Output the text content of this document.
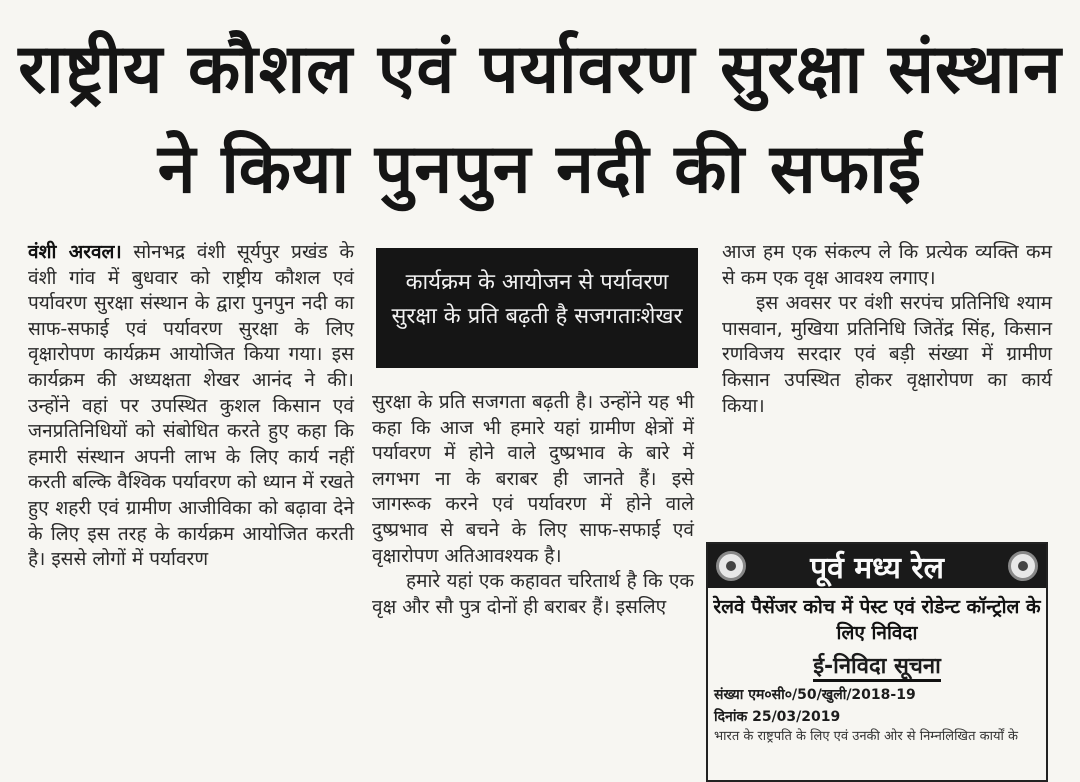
राष्ट्रीय कौशल एवं पर्यावरण सुरक्षा संस्थान
ने किया पुनपुन नदी की सफाई

वंशी अरवल। सोनभद्र वंशी सूर्यपुर प्रखंड के वंशी गांव में बुधवार को राष्ट्रीय कौशल एवं पर्यावरण सुरक्षा संस्थान के द्वारा पुनपुन नदी का साफ-सफाई एवं पर्यावरण सुरक्षा के लिए वृक्षारोपण कार्यक्रम आयोजित किया गया। इस कार्यक्रम की अध्यक्षता शेखर आनंद ने की। उन्होंने वहां पर उपस्थित कुशल किसान एवं जनप्रतिनिधियों को संबोधित करते हुए कहा कि हमारी संस्थान अपनी लाभ के लिए कार्य नहीं करती बल्कि वैश्विक पर्यावरण को ध्यान में रखते हुए शहरी एवं ग्रामीण आजीविका को बढ़ावा देने के लिए इस तरह के कार्यक्रम आयोजित करती है। इससे लोगों में पर्यावरण

कार्यक्रम के आयोजन से पर्यावरण
सुरक्षा के प्रति बढ़ती है सजगताःशेखर

सुरक्षा के प्रति सजगता बढ़ती है। उन्होंने यह भी कहा कि आज भी हमारे यहां ग्रामीण क्षेत्रों में पर्यावरण में होने वाले दुष्प्रभाव के बारे में लगभग ना के बराबर ही जानते हैं। इसे जागरूक करने एवं पर्यावरण में होने वाले दुष्प्रभाव से बचने के लिए साफ-सफाई एवं वृक्षारोपण अतिआवश्यक है।

हमारे यहां एक कहावत चरितार्थ है कि एक वृक्ष और सौ पुत्र दोनों ही बराबर हैं। इसलिए

आज हम एक संकल्प ले कि प्रत्येक व्यक्ति कम से कम एक वृक्ष आवश्य लगाए।

इस अवसर पर वंशी सरपंच प्रतिनिधि श्याम पासवान, मुखिया प्रतिनिधि जितेंद्र सिंह, किसान रणविजय सरदार एवं बड़ी संख्या में ग्रामीण किसान उपस्थित होकर वृक्षारोपण का कार्य किया।

पूर्व मध्य रेल
रेलवे पैसेंजर कोच में पेस्ट एवं रोडेन्ट कॉन्ट्रोल के लिए निविदा
ई-निविदा सूचना
संख्या एम०सी०/50/खुली/2018-19
दिनांक 25/03/2019
भारत के राष्ट्रपति के लिए एवं उनकी ओर से निम्नलिखित कार्यों के
